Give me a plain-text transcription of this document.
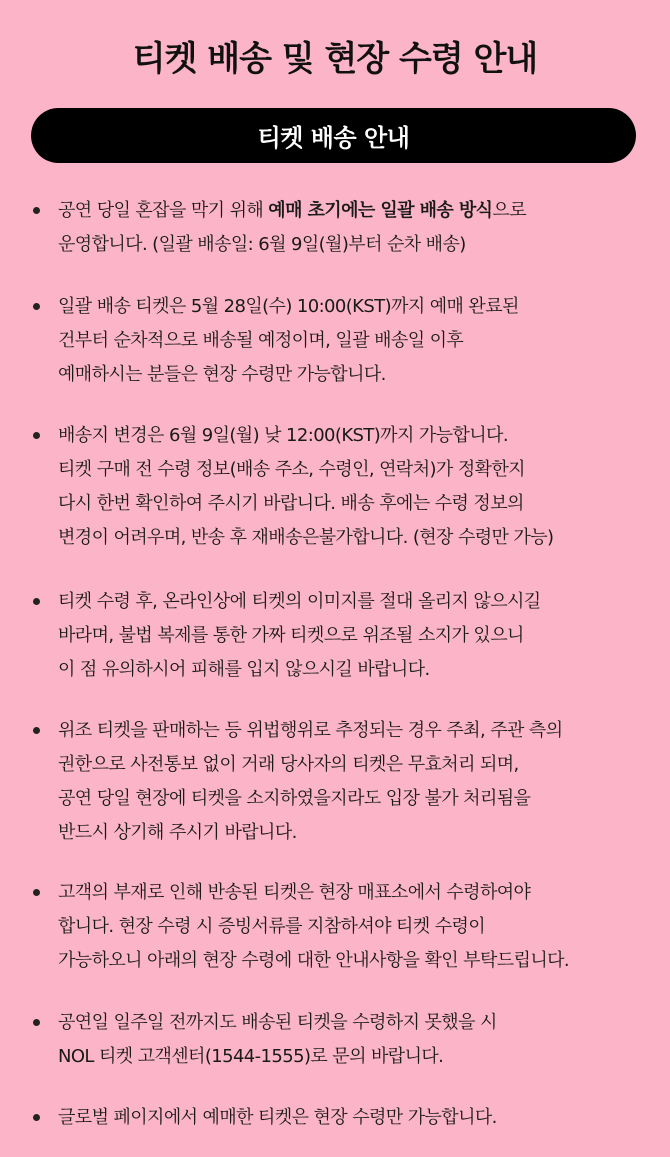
티켓 배송 및 현장 수령 안내
티켓 배송 안내
공연 당일 혼잡을 막기 위해 예매 초기에는 일괄 배송 방식으로
운영합니다. (일괄 배송일: 6월 9일(월)부터 순차 배송)
일괄 배송 티켓은 5월 28일(수) 10:00(KST)까지 예매 완료된
건부터 순차적으로 배송될 예정이며, 일괄 배송일 이후
예매하시는 분들은 현장 수령만 가능합니다.
배송지 변경은 6월 9일(월) 낮 12:00(KST)까지 가능합니다.
티켓 구매 전 수령 정보(배송 주소, 수령인, 연락처)가 정확한지
다시 한번 확인하여 주시기 바랍니다. 배송 후에는 수령 정보의
변경이 어려우며, 반송 후 재배송은불가합니다. (현장 수령만 가능)
티켓 수령 후, 온라인상에 티켓의 이미지를 절대 올리지 않으시길
바라며, 불법 복제를 통한 가짜 티켓으로 위조될 소지가 있으니
이 점 유의하시어 피해를 입지 않으시길 바랍니다.
위조 티켓을 판매하는 등 위법행위로 추정되는 경우 주최, 주관 측의
권한으로 사전통보 없이 거래 당사자의 티켓은 무효처리 되며,
공연 당일 현장에 티켓을 소지하였을지라도 입장 불가 처리됨을
반드시 상기해 주시기 바랍니다.
고객의 부재로 인해 반송된 티켓은 현장 매표소에서 수령하여야
합니다. 현장 수령 시 증빙서류를 지참하셔야 티켓 수령이
가능하오니 아래의 현장 수령에 대한 안내사항을 확인 부탁드립니다.
공연일 일주일 전까지도 배송된 티켓을 수령하지 못했을 시
NOL 티켓 고객센터(1544-1555)로 문의 바랍니다.
글로벌 페이지에서 예매한 티켓은 현장 수령만 가능합니다.
